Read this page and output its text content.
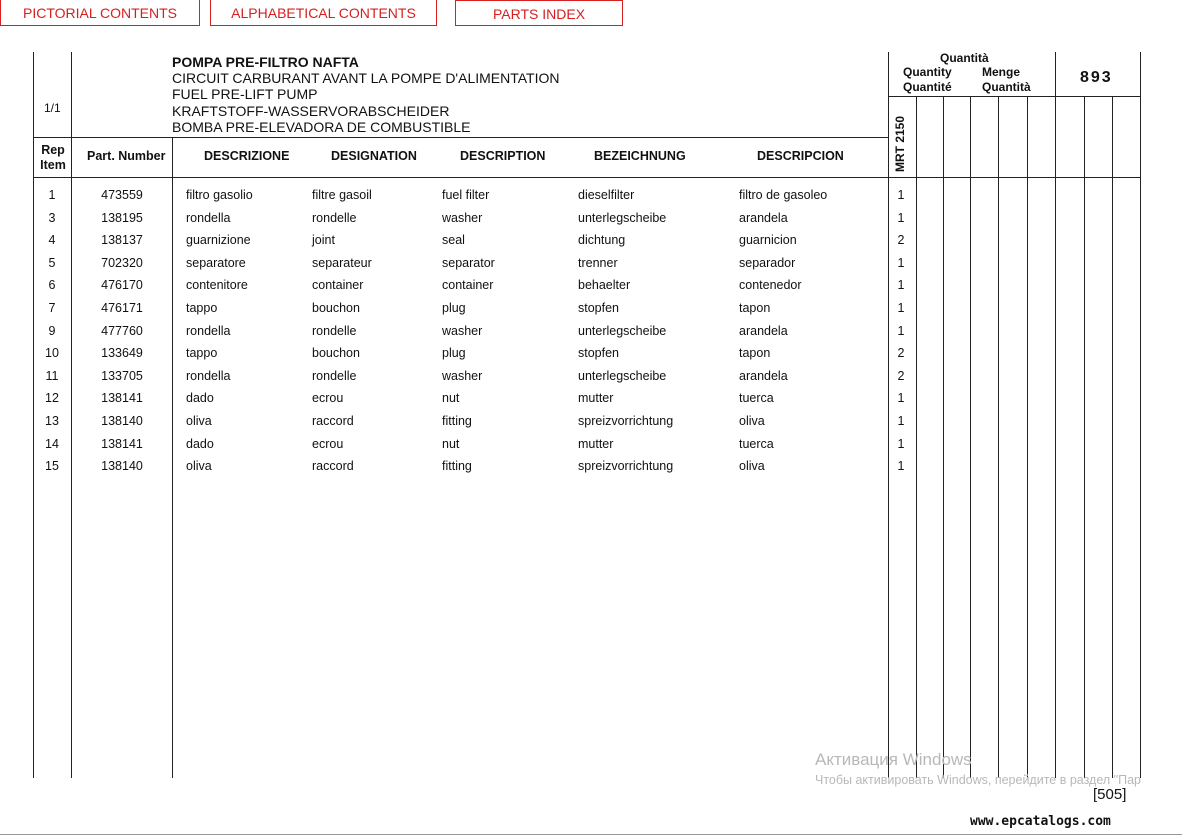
PICTORIAL CONTENTS	ALPHABETICAL CONTENTS	PARTS INDEX
1/1
POMPA PRE-FILTRO NAFTA
CIRCUIT CARBURANT AVANT LA POMPE D'ALIMENTATION
FUEL PRE-LIFT PUMP
KRAFTSTOFF-WASSERVORABSCHEIDER
BOMBA PRE-ELEVADORA DE COMBUSTIBLE
Quantità
Quantity
Quantité
Menge
Quantità
893
MRT 2150
Rep
Item
Part. Number	DESCRIZIONE	DESIGNATION	DESCRIPTION	BEZEICHNUNG	DESCRIPCION
1	473559	filtro gasolio	filtre gasoil	fuel filter	dieselfilter	filtro de gasoleo	1
3	138195	rondella	rondelle	washer	unterlegscheibe	arandela	1
4	138137	guarnizione	joint	seal	dichtung	guarnicion	2
5	702320	separatore	separateur	separator	trenner	separador	1
6	476170	contenitore	container	container	behaelter	contenedor	1
7	476171	tappo	bouchon	plug	stopfen	tapon	1
9	477760	rondella	rondelle	washer	unterlegscheibe	arandela	1
10	133649	tappo	bouchon	plug	stopfen	tapon	2
11	133705	rondella	rondelle	washer	unterlegscheibe	arandela	2
12	138141	dado	ecrou	nut	mutter	tuerca	1
13	138140	oliva	raccord	fitting	spreizvorrichtung	oliva	1
14	138141	dado	ecrou	nut	mutter	tuerca	1
15	138140	oliva	raccord	fitting	spreizvorrichtung	oliva	1
Активация Windows
Чтобы активировать Windows, перейдите в раздел "Пар
[505]
www.epcatalogs.com
